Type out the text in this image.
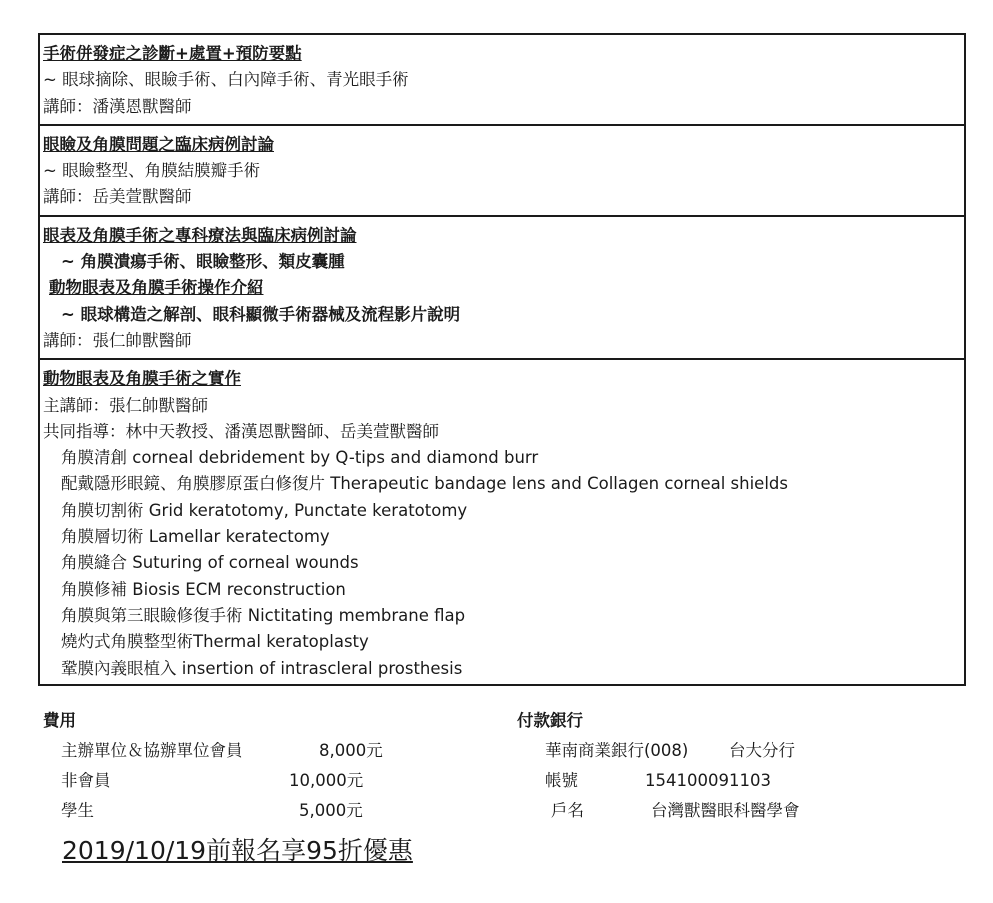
手術併發症之診斷+處置+預防要點
~ 眼球摘除、眼瞼手術、白內障手術、青光眼手術
講師：潘漢恩獸醫師
眼瞼及角膜問題之臨床病例討論
~ 眼瞼整型、角膜結膜瓣手術
講師：岳美萱獸醫師
眼表及角膜手術之專科療法與臨床病例討論
~ 角膜潰瘍手術、眼瞼整形、類皮囊腫
動物眼表及角膜手術操作介紹
~ 眼球構造之解剖、眼科顯微手術器械及流程影片說明
講師：張仁帥獸醫師
動物眼表及角膜手術之實作
主講師：張仁帥獸醫師
共同指導：林中天教授、潘漢恩獸醫師、岳美萱獸醫師
角膜清創 corneal debridement by Q-tips and diamond burr
配戴隱形眼鏡、角膜膠原蛋白修復片 Therapeutic bandage lens and Collagen corneal shields
角膜切割術 Grid keratotomy, Punctate keratotomy
角膜層切術 Lamellar keratectomy
角膜縫合 Suturing of corneal wounds
角膜修補 Biosis ECM reconstruction
角膜與第三眼瞼修復手術 Nictitating membrane flap
燒灼式角膜整型術Thermal keratoplasty
鞏膜內義眼植入 insertion of intrascleral prosthesis
費用
主辦單位＆協辦單位會員	8,000元
非會員	10,000元
學生	5,000元
付款銀行
華南商業銀行(008) 台大分行
帳號	154100091103
戶名	台灣獸醫眼科醫學會
2019/10/19前報名享95折優惠
